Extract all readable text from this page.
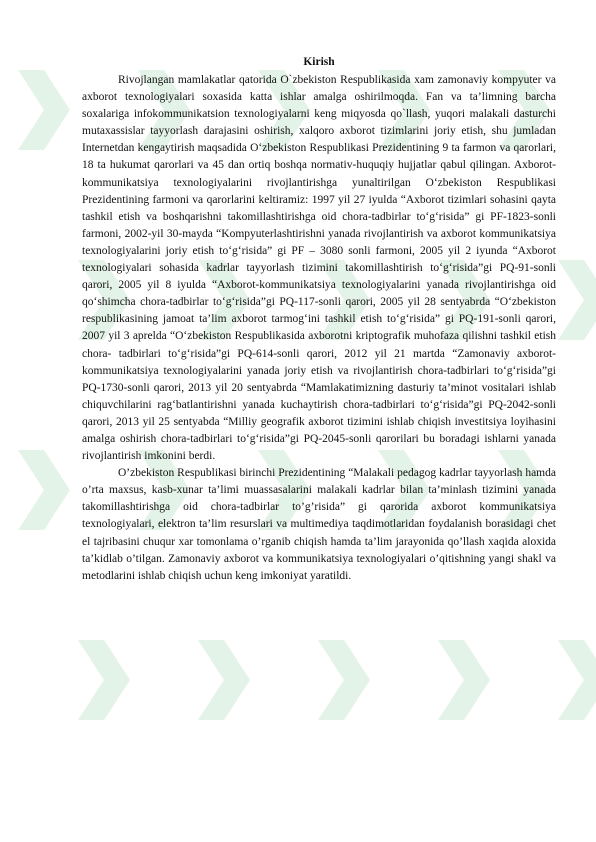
Kirish

Rivojlangan mamlakatlar qatorida O`zbekiston Respublikasida xam zamonaviy kompyuter va axborot texnologiyalari soxasida katta ishlar amalga oshirilmoqda. Fan va ta’limning barcha soxalariga infokommunikatsion texnologiyalarni keng miqyosda qo`llash, yuqori malakali dasturchi mutaxassislar tayyorlash darajasini oshirish, xalqoro axborot tizimlarini joriy etish, shu jumladan Internetdan kengaytirish maqsadida O‘zbekiston Respublikasi Prezidentining 9 ta farmon va qarorlari, 18 ta hukumat qarorlari va 45 dan ortiq boshqa normativ-huquqiy hujjatlar qabul qilingan. Axborot-kommunikatsiya texnologiyalarini rivojlantirishga yunaltirilgan O‘zbekiston Respublikasi Prezidentining farmoni va qarorlarini keltiramiz: 1997 yil 27 iyulda “Axborot tizimlari sohasini qayta tashkil etish va boshqarishni takomillashtirishga oid chora-tadbirlar to‘g‘risida” gi PF-1823-sonli farmoni, 2002-yil 30-mayda “Kompyuterlashtirishni yanada rivojlantirish va axborot kommunikatsiya texnologiyalarini joriy etish to‘g‘risida” gi PF – 3080 sonli farmoni, 2005 yil 2 iyunda “Axborot texnologiyalari sohasida kadrlar tayyorlash tizimini takomillashtirish to‘g‘risida”gi PQ-91-sonli qarori, 2005 yil 8 iyulda “Axborot-kommunikatsiya texnologiyalarini yanada rivojlantirishga oid qo‘shimcha chora-tadbirlar to‘g‘risida”gi PQ-117-sonli qarori, 2005 yil 28 sentyabrda “O‘zbekiston respublikasining jamoat ta’lim axborot tarmog‘ini tashkil etish to‘g‘risida” gi PQ-191-sonli qarori, 2007 yil 3 aprelda “O‘zbekiston Respublikasida axborotni kriptografik muhofaza qilishni tashkil etish chora- tadbirlari to‘g‘risida”gi PQ-614-sonli qarori, 2012 yil 21 martda “Zamonaviy axborot-kommunikatsiya texnologiyalarini yanada joriy etish va rivojlantirish chora-tadbirlari to‘g‘risida”gi PQ-1730-sonli qarori, 2013 yil 20 sentyabrda “Mamlakatimizning dasturiy ta’minot vositalari ishlab chiquvchilarini rag‘batlantirishni yanada kuchaytirish chora-tadbirlari to‘g‘risida”gi PQ-2042-sonli qarori, 2013 yil 25 sentyabda “Milliy geografik axborot tizimini ishlab chiqish investitsiya loyihasini amalga oshirish chora-tadbirlari to‘g‘risida”gi PQ-2045-sonli qarorilari bu boradagi ishlarni yanada rivojlantirish imkonini berdi.

O’zbekiston Respublikasi birinchi Prezidentining “Malakali pedagog kadrlar tayyorlash hamda o’rta maxsus, kasb-xunar ta’limi muassasalarini malakali kadrlar bilan ta’minlash tizimini yanada takomillashtirishga oid chora-tadbirlar to’g’risida” gi qarorida axborot kommunikatsiya texnologiyalari, elektron ta’lim resurslari va multimediya taqdimotlaridan foydalanish borasidagi chet el tajribasini chuqur xar tomonlama o’rganib chiqish hamda ta’lim jarayonida qo’llash xaqida aloxida ta’kidlab o’tilgan. Zamonaviy axborot va kommunikatsiya texnologiyalari o’qitishning yangi shakl va metodlarini ishlab chiqish uchun keng imkoniyat yaratildi.
